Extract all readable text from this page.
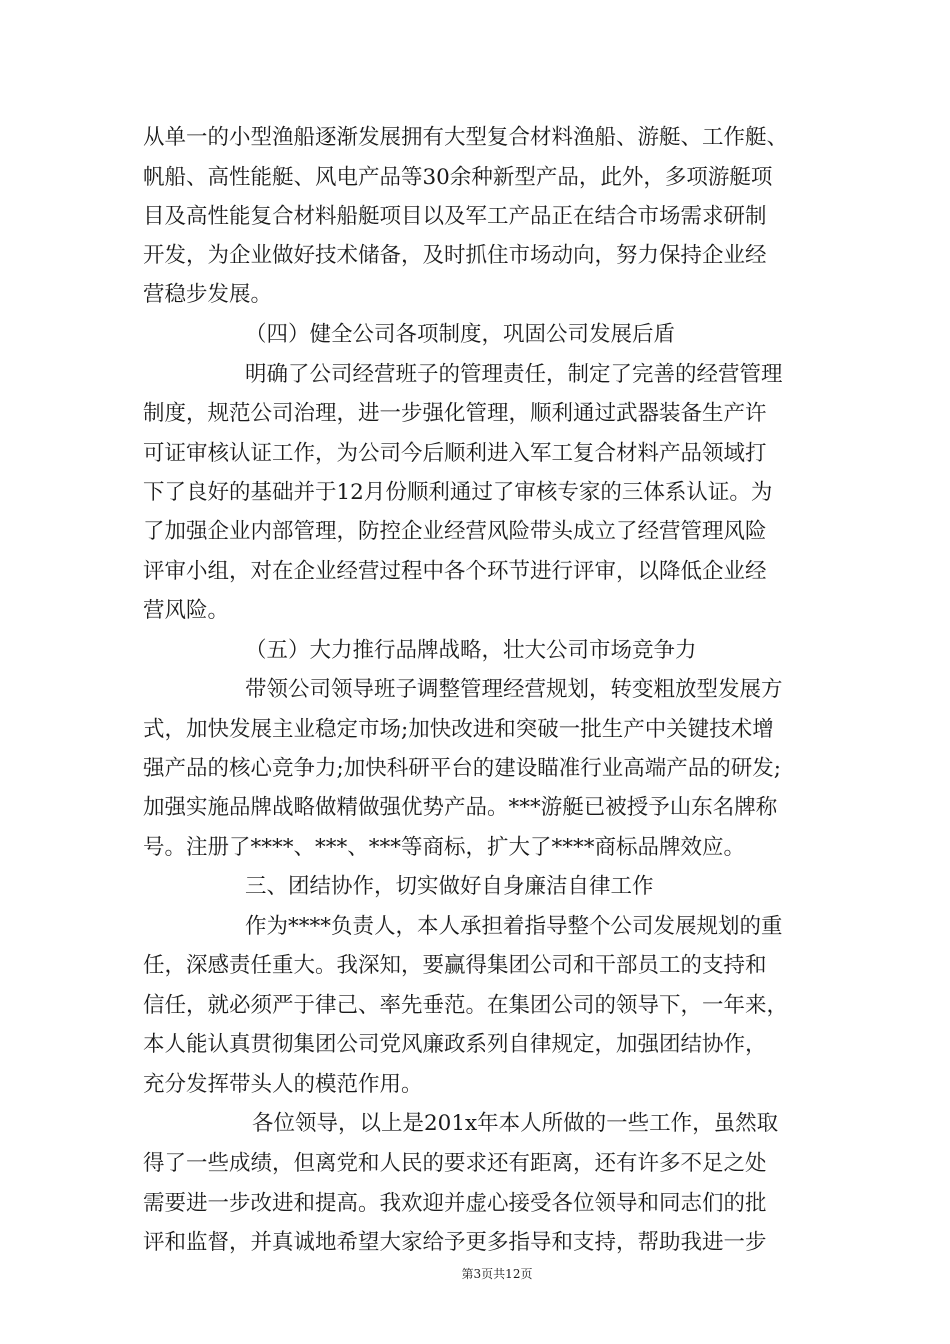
从单一的小型渔船逐渐发展拥有大型复合材料渔船、游艇、工作艇、
帆船、高性能艇、风电产品等30余种新型产品，此外，多项游艇项
目及高性能复合材料船艇项目以及军工产品正在结合市场需求研制
开发，为企业做好技术储备，及时抓住市场动向，努力保持企业经
营稳步发展。
（四）健全公司各项制度，巩固公司发展后盾
明确了公司经营班子的管理责任，制定了完善的经营管理
制度，规范公司治理，进一步强化管理，顺利通过武器装备生产许
可证审核认证工作，为公司今后顺利进入军工复合材料产品领域打
下了良好的基础并于12月份顺利通过了审核专家的三体系认证。为
了加强企业内部管理，防控企业经营风险带头成立了经营管理风险
评审小组，对在企业经营过程中各个环节进行评审，以降低企业经
营风险。
（五）大力推行品牌战略，壮大公司市场竞争力
带领公司领导班子调整管理经营规划，转变粗放型发展方
式，加快发展主业稳定市场;加快改进和突破一批生产中关键技术增
强产品的核心竞争力;加快科研平台的建设瞄准行业高端产品的研发;
加强实施品牌战略做精做强优势产品。***游艇已被授予山东名牌称
号。注册了****、***、***等商标，扩大了****商标品牌效应。
三、团结协作，切实做好自身廉洁自律工作
作为****负责人，本人承担着指导整个公司发展规划的重
任，深感责任重大。我深知，要赢得集团公司和干部员工的支持和
信任，就必须严于律己、率先垂范。在集团公司的领导下，一年来，
本人能认真贯彻集团公司党风廉政系列自律规定，加强团结协作，
充分发挥带头人的模范作用。
各位领导，以上是201x年本人所做的一些工作，虽然取
得了一些成绩，但离党和人民的要求还有距离，还有许多不足之处
需要进一步改进和提高。我欢迎并虚心接受各位领导和同志们的批
评和监督，并真诚地希望大家给予更多指导和支持，帮助我进一步
第3页共12页
